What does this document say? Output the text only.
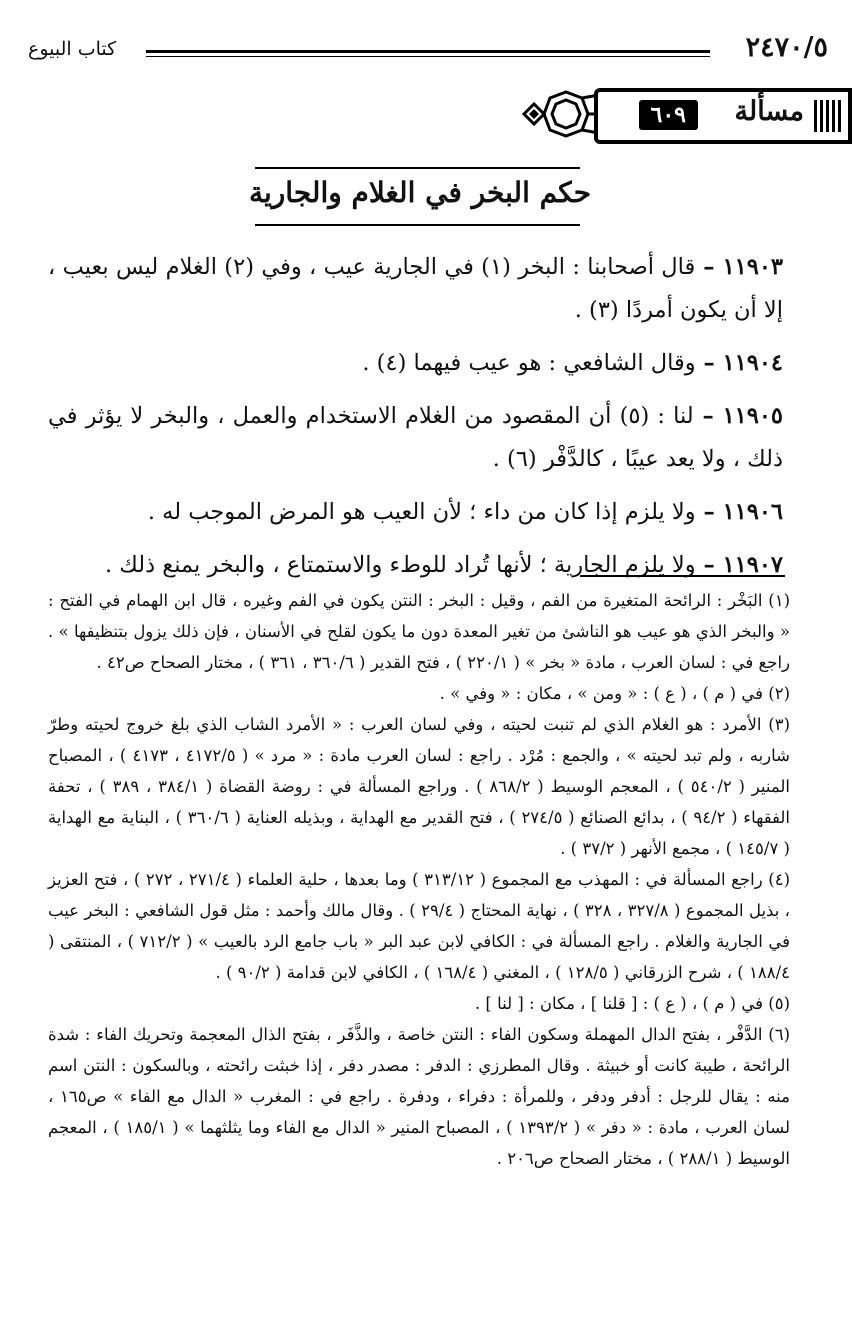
٢٤٧٠/٥
كتاب البيوع
مسألة
٦٠٩
حكم البخر في الغلام والجارية

١١٩٠٣ – قال أصحابنا : البخر (١) في الجارية عيب ، وفي (٢) الغلام ليس بعيب ، إلا أن يكون أمردًا (٣) .

١١٩٠٤ – وقال الشافعي : هو عيب فيهما (٤) .

١١٩٠٥ – لنا : (٥) أن المقصود من الغلام الاستخدام والعمل ، والبخر لا يؤثر في ذلك ، ولا يعد عيبًا ، كالدَّفْر (٦) .

١١٩٠٦ – ولا يلزم إذا كان من داء ؛ لأن العيب هو المرض الموجب له .

١١٩٠٧ – ولا يلزم الجارية ؛ لأنها تُراد للوطء والاستمتاع ، والبخر يمنع ذلك .

(١) البَخْر : الرائحة المتغيرة من الفم ، وقيل : البخر : النتن يكون في الفم وغيره ، قال ابن الهمام في الفتح : « والبخر الذي هو عيب هو الناشئ من تغير المعدة دون ما يكون لقلح في الأسنان ، فإن ذلك يزول بتنظيفها » . راجع في : لسان العرب ، مادة « بخر » ( ٢٢٠/١ ) ، فتح القدير ( ٣٦٠/٦ ، ٣٦١ ) ، مختار الصحاح ص٤٢ .

(٢) في ( م ) ، ( ع ) : « ومن » ، مكان : « وفي » .

(٣) الأمرد : هو الغلام الذي لم تنبت لحيته ، وفي لسان العرب : « الأمرد الشاب الذي بلغ خروج لحيته وطرّ شاربه ، ولم تبد لحيته » ، والجمع : مُرْد . راجع : لسان العرب مادة : « مرد » ( ٤١٧٢/٥ ، ٤١٧٣ ) ، المصباح المنير ( ٥٤٠/٢ ) ، المعجم الوسيط ( ٨٦٨/٢ ) . وراجع المسألة في : روضة القضاة ( ٣٨٤/١ ، ٣٨٩ ) ، تحفة الفقهاء ( ٩٤/٢ ) ، بدائع الصنائع ( ٢٧٤/٥ ) ، فتح القدير مع الهداية ، وبذيله العناية ( ٣٦٠/٦ ) ، البناية مع الهداية ( ١٤٥/٧ ) ، مجمع الأنهر ( ٣٧/٢ ) .

(٤) راجع المسألة في : المهذب مع المجموع ( ٣١٣/١٢ ) وما بعدها ، حلية العلماء ( ٢٧١/٤ ، ٢٧٢ ) ، فتح العزيز ، بذيل المجموع ( ٣٢٧/٨ ، ٣٢٨ ) ، نهاية المحتاج ( ٢٩/٤ ) . وقال مالك وأحمد : مثل قول الشافعي : البخر عيب في الجارية والغلام . راجع المسألة في : الكافي لابن عبد البر « باب جامع الرد بالعيب » ( ٧١٢/٢ ) ، المنتقى ( ١٨٨/٤ ) ، شرح الزرقاني ( ١٢٨/٥ ) ، المغني ( ١٦٨/٤ ) ، الكافي لابن قدامة ( ٩٠/٢ ) .

(٥) في ( م ) ، ( ع ) : [ قلنا ] ، مكان : [ لنا ] .

(٦) الدَّفْر ، بفتح الدال المهملة وسكون الفاء : النتن خاصة ، والذَّفَر ، بفتح الذال المعجمة وتحريك الفاء : شدة الرائحة ، طيبة كانت أو خبيثة . وقال المطرزي : الدفر : مصدر دفر ، إذا خبثت رائحته ، وبالسكون : النتن اسم منه : يقال للرجل : أدفر ودفر ، وللمرأة : دفراء ، ودفرة . راجع في : المغرب « الدال مع الفاء » ص١٦٥ ، لسان العرب ، مادة : « دفر » ( ١٣٩٣/٢ ) ، المصباح المنير « الدال مع الفاء وما يثلثهما » ( ١٨٥/١ ) ، المعجم الوسيط ( ٢٨٨/١ ) ، مختار الصحاح ص٢٠٦ .
